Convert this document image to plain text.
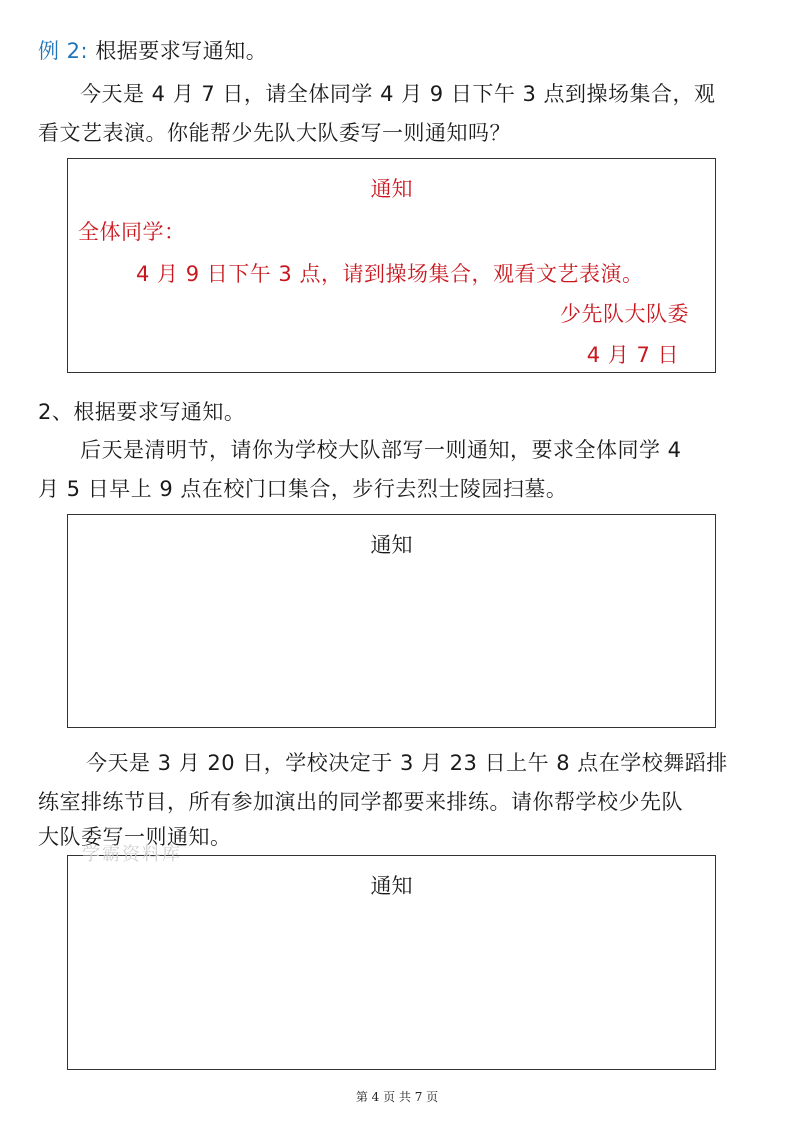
例 2: 根据要求写通知。
今天是 4 月 7 日，请全体同学 4 月 9 日下午 3 点到操场集合，观
看文艺表演。你能帮少先队大队委写一则通知吗？
通知
全体同学：
4 月 9 日下午 3 点，请到操场集合，观看文艺表演。
少先队大队委
4 月 7 日
2、根据要求写通知。
后天是清明节，请你为学校大队部写一则通知，要求全体同学 4
月 5 日早上 9 点在校门口集合，步行去烈士陵园扫墓。
通知
今天是 3 月 20 日，学校决定于 3 月 23 日上午 8 点在学校舞蹈排
练室排练节目，所有参加演出的同学都要来排练。请你帮学校少先队
大队委写一则通知。
通知
学霸资料库
第 4 页 共 7 页
